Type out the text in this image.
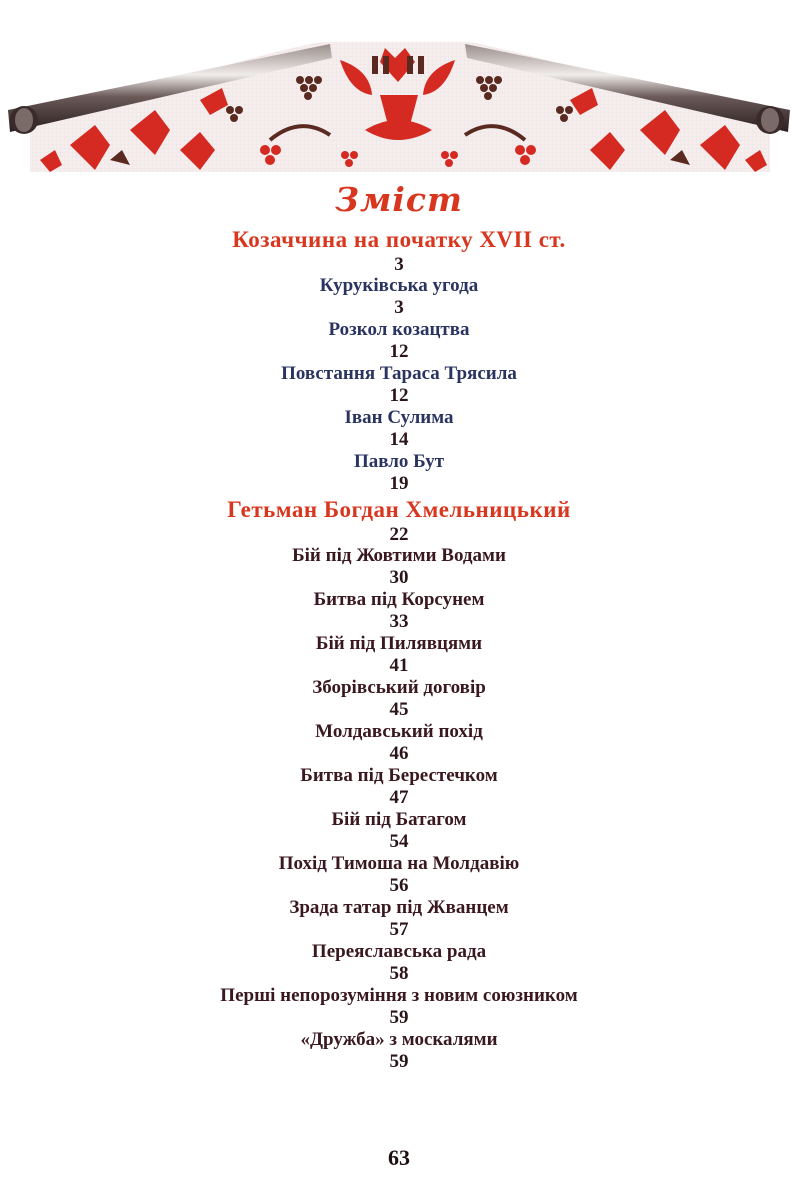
Зміст
Козаччина на початку XVII ст.
3
Куруківська угода
3
Розкол козацтва
12
Повстання Тараса Трясила
12
Іван Сулима
14
Павло Бут
19
Гетьман Богдан Хмельницький
22
Бій під Жовтими Водами
30
Битва під Корсунем
33
Бій під Пилявцями
41
Зборівський договір
45
Молдавський похід
46
Битва під Берестечком
47
Бій під Батагом
54
Похід Тимоша на Молдавію
56
Зрада татар під Жванцем
57
Переяславська рада
58
Перші непорозуміння з новим союзником
59
«Дружба» з москалями
59
63
